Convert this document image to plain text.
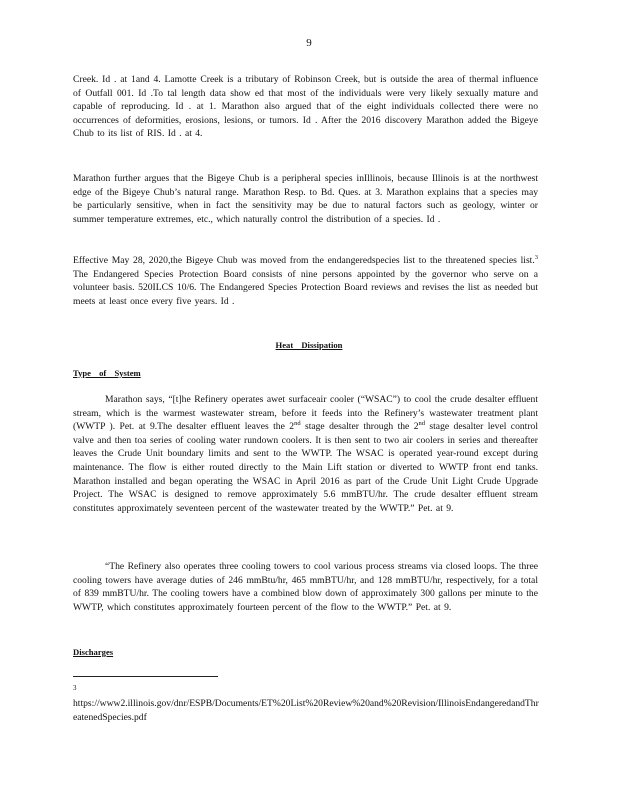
9

Creek. Id . at 1and 4. Lamotte Creek is a tributary of Robinson Creek, but is outside the area of thermal influence of Outfall 001. Id .To tal length data show ed that most of the individuals were very likely sexually mature and capable of reproducing. Id . at 1. Marathon also argued that of the eight individuals collected there were no occurrences of deformities, erosions, lesions, or tumors. Id . After the 2016 discovery Marathon added the Bigeye Chub to its list of RIS. Id . at 4.

Marathon further argues that the Bigeye Chub is a peripheral species inIllinois, because Illinois is at the northwest edge of the Bigeye Chub’s natural range. Marathon Resp. to Bd. Ques. at 3. Marathon explains that a species may be particularly sensitive, when in fact the sensitivity may be due to natural factors such as geology, winter or summer temperature extremes, etc., which naturally control the distribution of a species. Id .

Effective May 28, 2020,the Bigeye Chub was moved from the endangeredspecies list to the threatened species list.$^3$ The Endangered Species Protection Board consists of nine persons appointed by the governor who serve on a volunteer basis. 520ILCS 10/6. The Endangered Species Protection Board reviews and revises the list as needed but meets at least once every five years. Id .

Heat Dissipation
Type of System

Marathon says, “[t]he Refinery operates awet surfaceair cooler (“WSAC”) to cool the crude desalter effluent stream, which is the warmest wastewater stream, before it feeds into the Refinery’s wastewater treatment plant (WWTP ). Pet. at 9.The desalter effluent leaves the 2nd stage desalter through the 2nd stage desalter level control valve and then toa series of cooling water rundown coolers. It is then sent to two air coolers in series and thereafter leaves the Crude Unit boundary limits and sent to the WWTP. The WSAC is operated year-round except during maintenance. The flow is either routed directly to the Main Lift station or diverted to WWTP front end tanks. Marathon installed and began operating the WSAC in April 2016 as part of the Crude Unit Light Crude Upgrade Project. The WSAC is designed to remove approximately 5.6 mmBTU/hr. The crude desalter effluent stream constitutes approximately seventeen percent of the wastewater treated by the WWTP.” Pet. at 9.

“The Refinery also operates three cooling towers to cool various process streams via closed loops. The three cooling towers have average duties of 246 mmBtu/hr, 465 mmBTU/hr, and 128 mmBTU/hr, respectively, for a total of 839 mmBTU/hr. The cooling towers have a combined blow down of approximately 300 gallons per minute to the WWTP, which constitutes approximately fourteen percent of the flow to the WWTP.” Pet. at 9.

Discharges
3
https://www2.illinois.gov/dnr/ESPB/Documents/ET%20List%20Review%20and%20Revision/IllinoisEndangeredandThreatenedSpecies.pdf
